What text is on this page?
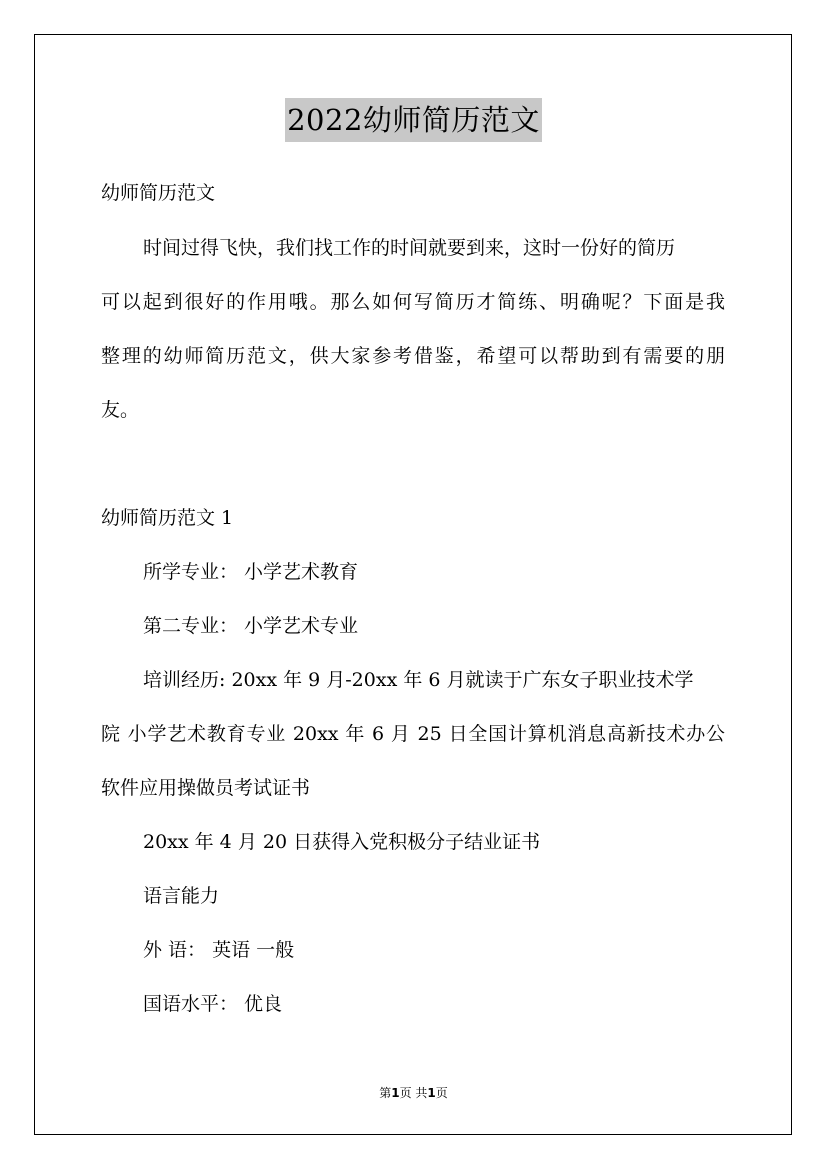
2022幼师简历范文
幼师简历范文
时间过得飞快，我们找工作的时间就要到来，这时一份好的简历
可以起到很好的作用哦。那么如何写简历才简练、明确呢？下面是我
整理的幼师简历范文，供大家参考借鉴，希望可以帮助到有需要的朋
友。
幼师简历范文 1
所学专业： 小学艺术教育
第二专业： 小学艺术专业
培训经历: 20xx 年 9 月-20xx 年 6 月就读于广东女子职业技术学
院 小学艺术教育专业 20xx 年 6 月 25 日全国计算机消息高新技术办公
软件应用操做员考试证书
20xx 年 4 月 20 日获得入党积极分子结业证书
语言能力
外 语： 英语 一般
国语水平： 优良
第1页 共1页
